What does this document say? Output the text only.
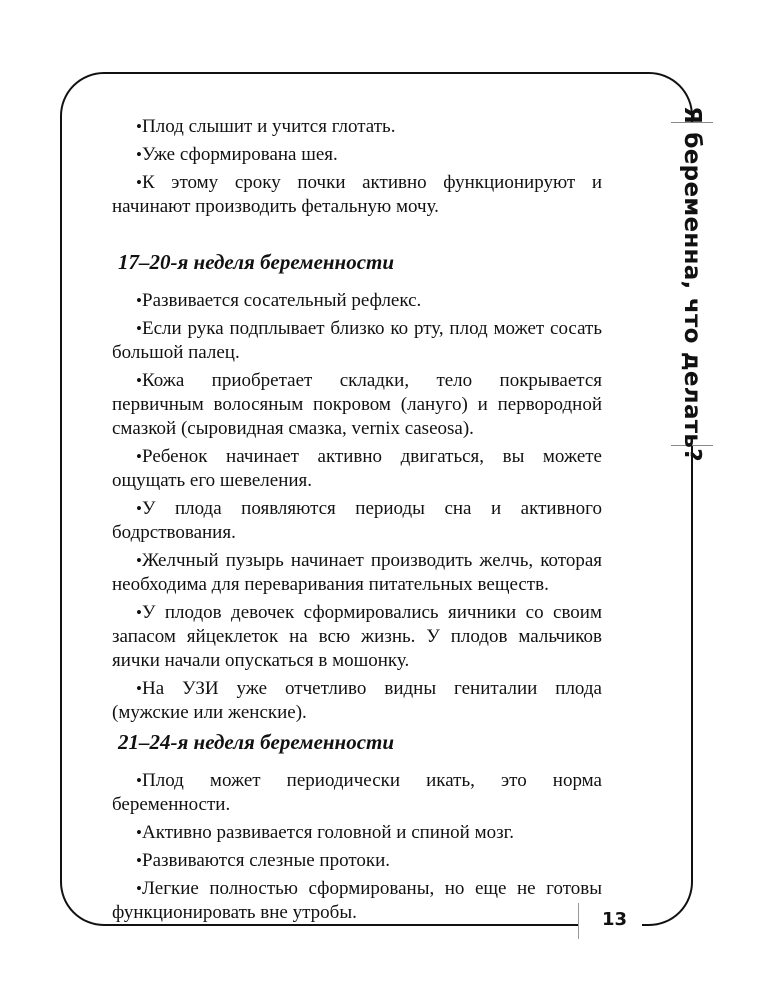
Я беременна, что делать?
13
• Плод слышит и учится глотать.
• Уже сформирована шея.
• К этому сроку почки активно функционируют и начинают производить фетальную мочу.
17–20-я неделя беременности
• Развивается сосательный рефлекс.
• Если рука подплывает близко ко рту, плод может сосать большой палец.
• Кожа приобретает складки, тело покрывается первичным волосяным покровом (лануго) и первородной смазкой (сыровидная смазка, vernix caseosa).
• Ребенок начинает активно двигаться, вы можете ощущать его шевеления.
• У плода появляются периоды сна и активного бодрствования.
• Желчный пузырь начинает производить желчь, которая необходима для переваривания питательных веществ.
• У плодов девочек сформировались яичники со своим запасом яйцеклеток на всю жизнь. У плодов мальчиков яички начали опускаться в мошонку.
• На УЗИ уже отчетливо видны гениталии плода (мужские или женские).
21–24-я неделя беременности
• Плод может периодически икать, это норма беременности.
• Активно развивается головной и спиной мозг.
• Развиваются слезные протоки.
• Легкие полностью сформированы, но еще не готовы функционировать вне утробы.
